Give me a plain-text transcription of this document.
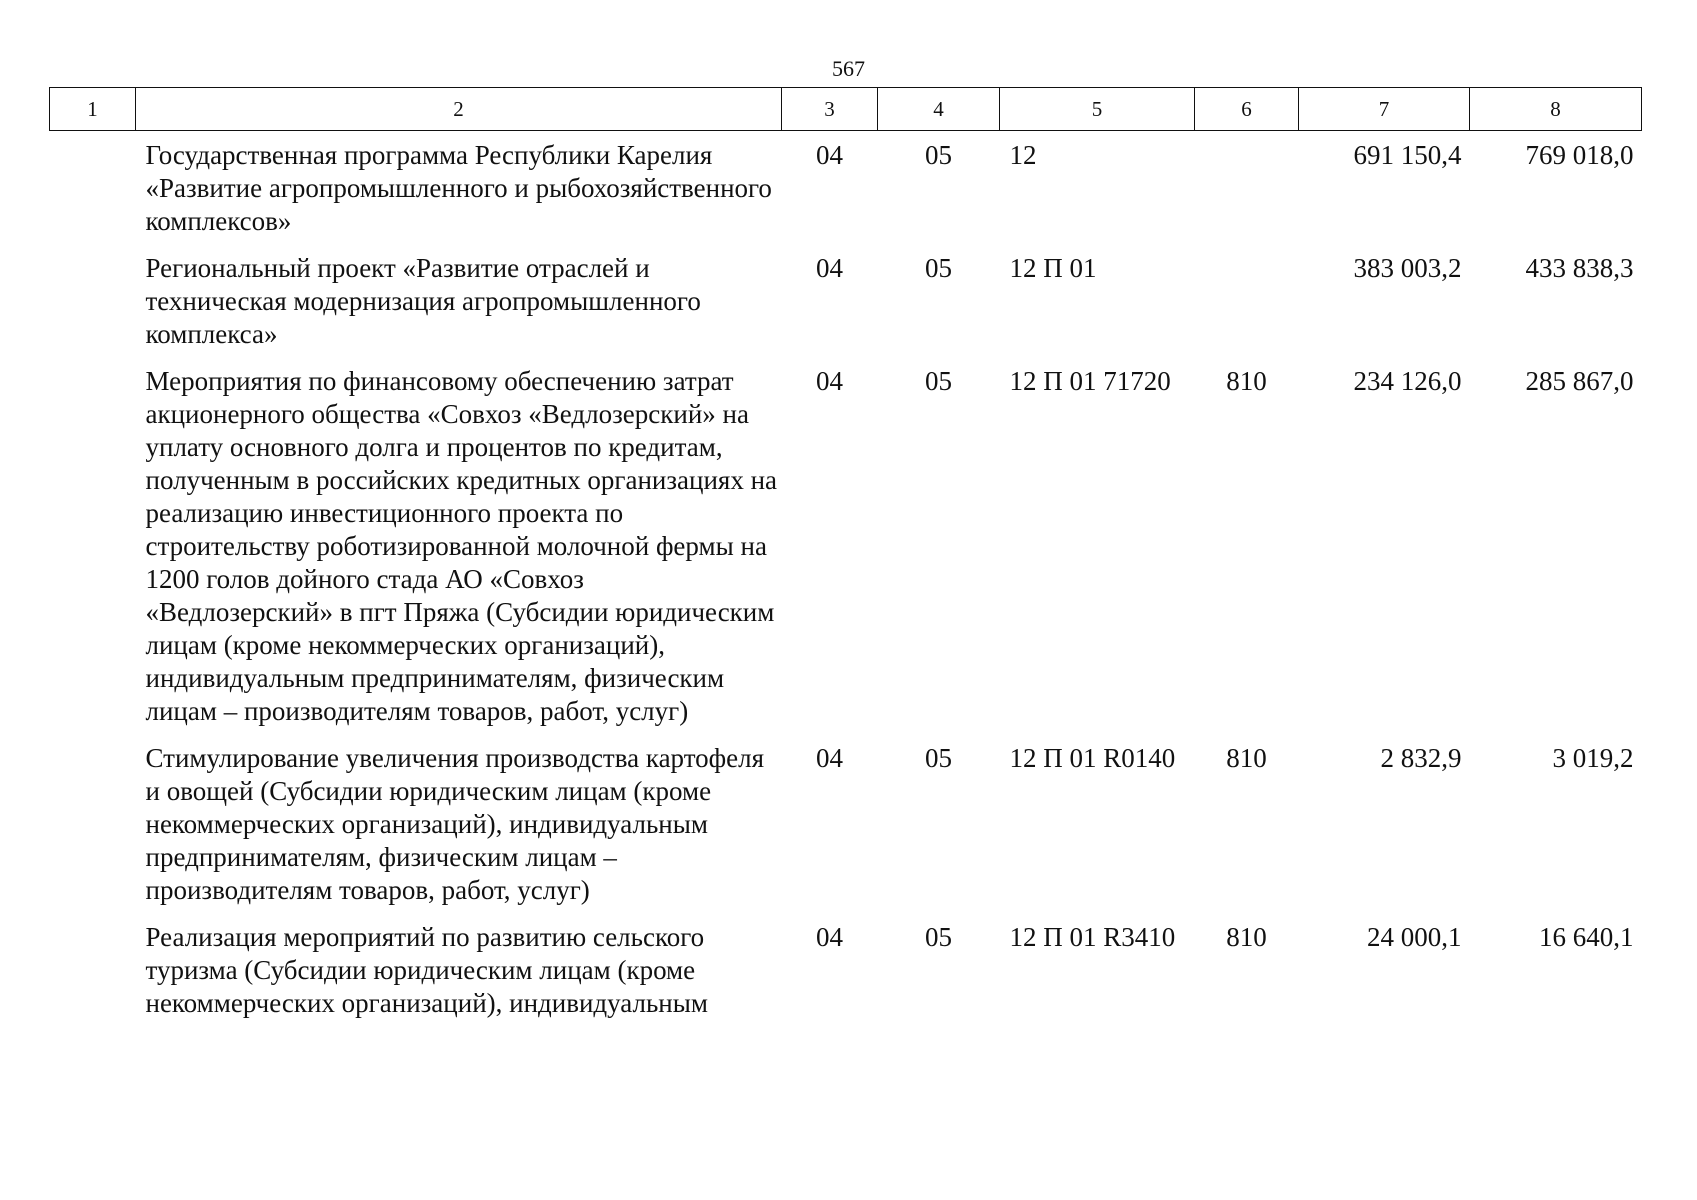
567
1	2	3	4	5	6	7	8
	Государственная программа Республики Карелия «Развитие агропромышленного и рыбохозяйственного комплексов»	04	05	12		691 150,4	769 018,0
	Региональный проект «Развитие отраслей и техническая модернизация агропромышленного комплекса»	04	05	12 П 01		383 003,2	433 838,3
	Мероприятия по финансовому обеспечению затрат акционерного общества «Совхоз «Ведлозерский» на уплату основного долга и процентов по кредитам, полученным в российских кредитных организациях на реализацию инвестиционного проекта по строительству роботизированной молочной фермы на 1200 голов дойного стада АО «Совхоз «Ведлозерский» в пгт Пряжа (Субсидии юридическим лицам (кроме некоммерческих организаций), индивидуальным предпринимателям, физическим лицам – производителям товаров, работ, услуг)	04	05	12 П 01 71720	810	234 126,0	285 867,0
	Стимулирование увеличения производства картофеля и овощей (Субсидии юридическим лицам (кроме некоммерческих организаций), индивидуальным предпринимателям, физическим лицам – производителям товаров, работ, услуг)	04	05	12 П 01 R0140	810	2 832,9	3 019,2
	Реализация мероприятий по развитию сельского туризма (Субсидии юридическим лицам (кроме некоммерческих организаций), индивидуальным	04	05	12 П 01 R3410	810	24 000,1	16 640,1
